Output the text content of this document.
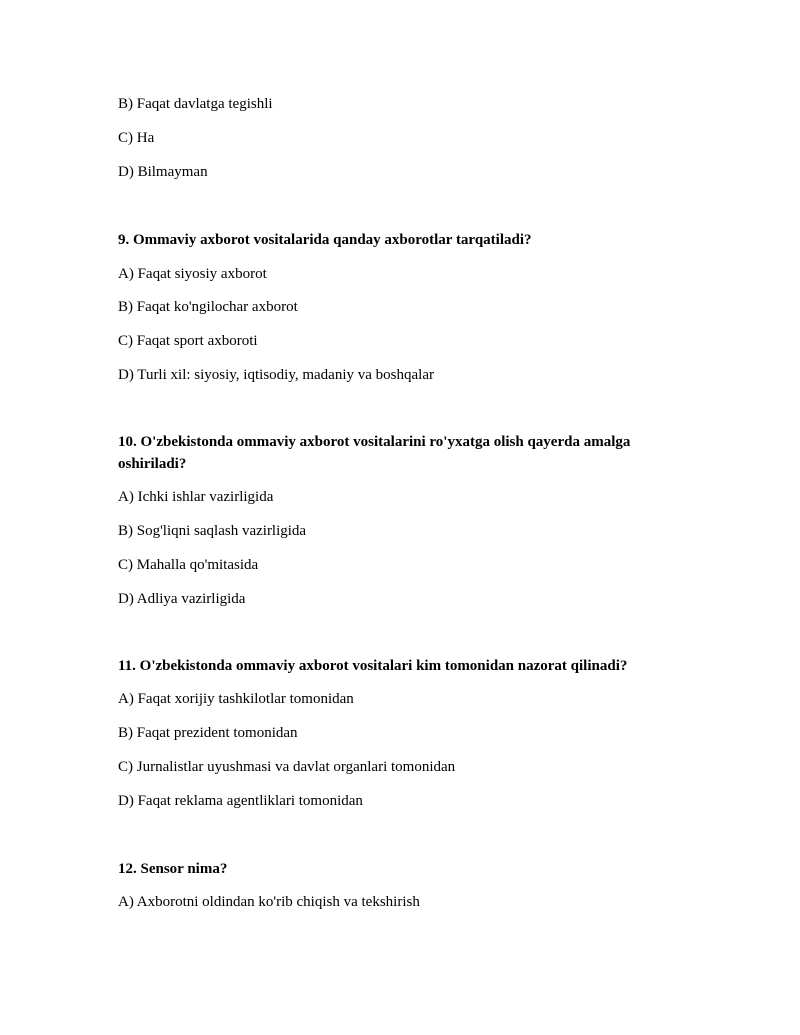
B) Faqat davlatga tegishli
C) Ha
D) Bilmayman
9. Ommaviy axborot vositalarida qanday axborotlar tarqatiladi?
A) Faqat siyosiy axborot
B) Faqat ko'ngilochar axborot
C) Faqat sport axboroti
D) Turli xil: siyosiy, iqtisodiy, madaniy va boshqalar
10. O'zbekistonda ommaviy axborot vositalarini ro'yxatga olish qayerda amalga oshiriladi?
A) Ichki ishlar vazirligida
B) Sog'liqni saqlash vazirligida
C) Mahalla qo'mitasida
D) Adliya vazirligida
11. O'zbekistonda ommaviy axborot vositalari kim tomonidan nazorat qilinadi?
A) Faqat xorijiy tashkilotlar tomonidan
B) Faqat prezident tomonidan
C) Jurnalistlar uyushmasi va davlat organlari tomonidan
D) Faqat reklama agentliklari tomonidan
12. Sensor nima?
A) Axborotni oldindan ko'rib chiqish va tekshirish
